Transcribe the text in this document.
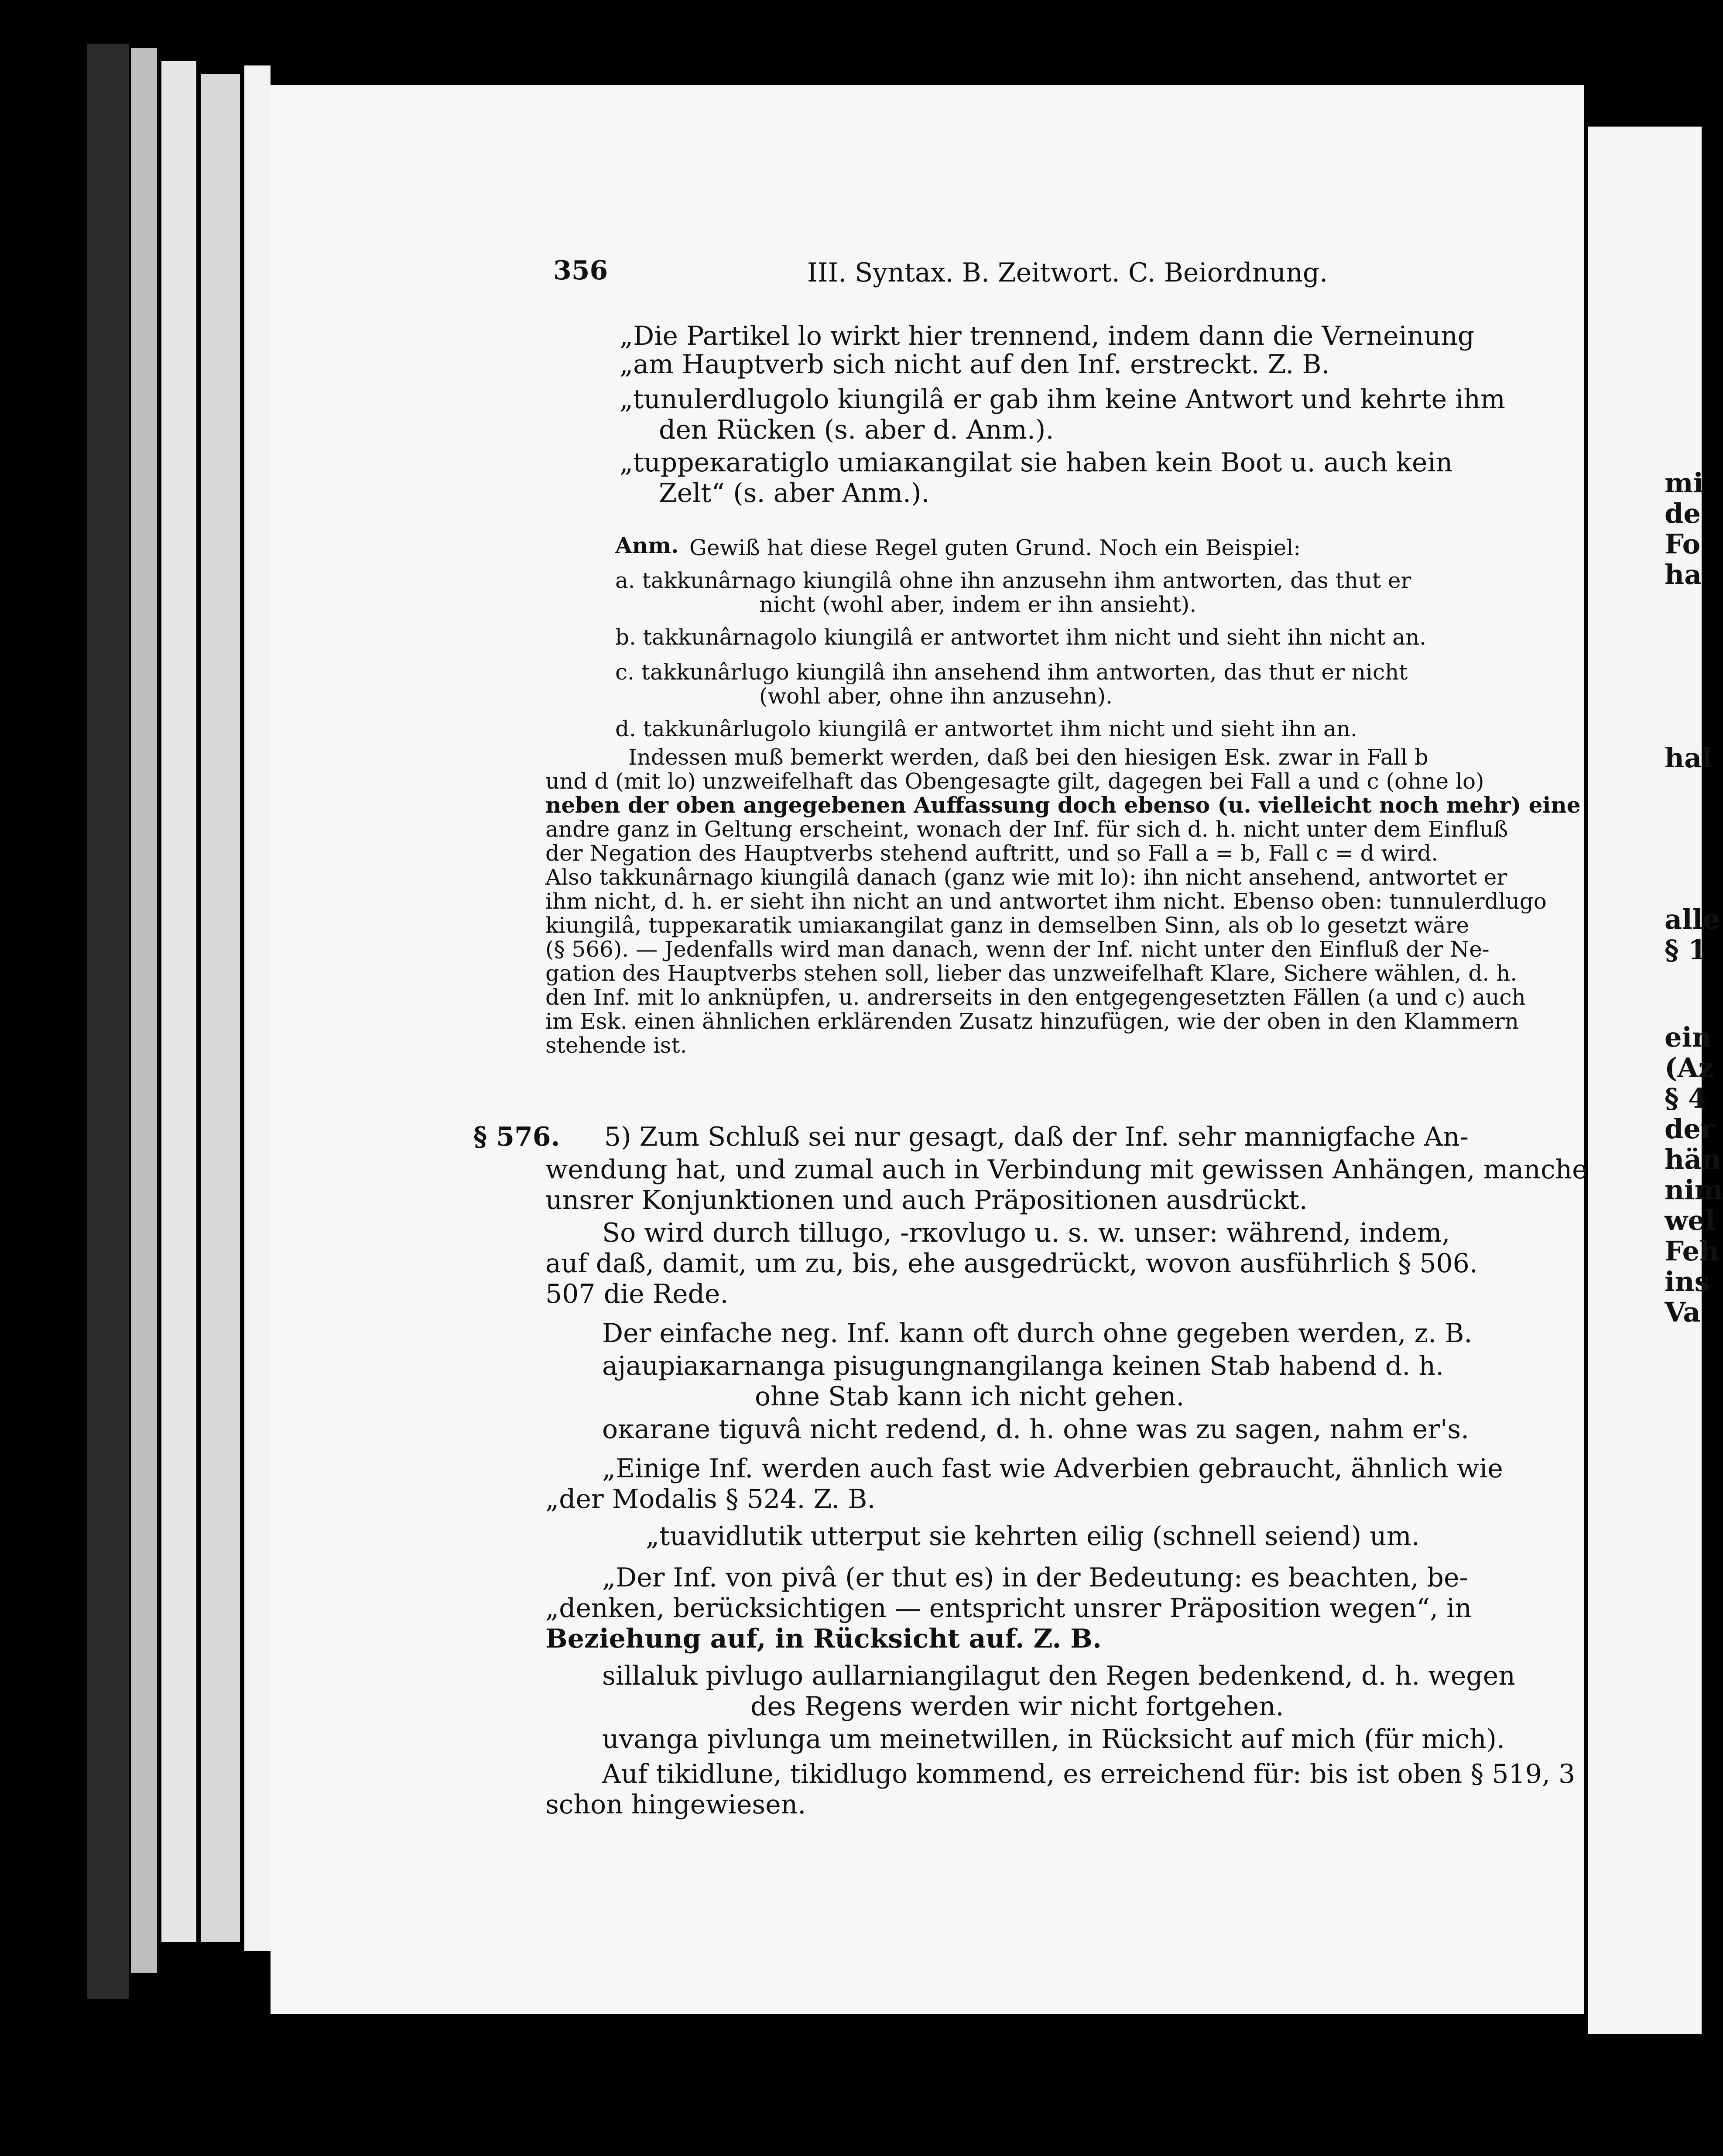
356	III. Syntax. B. Zeitwort. C. Beiordnung.
„Die Partikel lo wirkt hier trennend, indem dann die Verneinung
„am Hauptverb sich nicht auf den Inf. erstreckt. Z. B.
„tunulerdlugolo kiungilâ er gab ihm keine Antwort und kehrte ihm
den Rücken (s. aber d. Anm.).
„tuppeкaratiglo umiaкangilat sie haben kein Boot u. auch kein
Zelt“ (s. aber Anm.).
Anm. Gewiß hat diese Regel guten Grund. Noch ein Beispiel:
a. takkunârnago kiungilâ ohne ihn anzusehn ihm antworten, das thut er
nicht (wohl aber, indem er ihn ansieht).
b. takkunârnagolo kiungilâ er antwortet ihm nicht und sieht ihn nicht an.
c. takkunârlugo kiungilâ ihn ansehend ihm antworten, das thut er nicht
(wohl aber, ohne ihn anzusehn).
d. takkunârlugolo kiungilâ er antwortet ihm nicht und sieht ihn an.
Indessen muß bemerkt werden, daß bei den hiesigen Esk. zwar in Fall b
und d (mit lo) unzweifelhaft das Obengesagte gilt, dagegen bei Fall a und c (ohne lo)
neben der oben angegebenen Auffassung doch ebenso (u. vielleicht noch mehr) eine
andre ganz in Geltung erscheint, wonach der Inf. für sich d. h. nicht unter dem Einfluß
der Negation des Hauptverbs stehend auftritt, und so Fall a = b, Fall c = d wird.
Also takkunârnago kiungilâ danach (ganz wie mit lo): ihn nicht ansehend, antwortet er
ihm nicht, d. h. er sieht ihn nicht an und antwortet ihm nicht. Ebenso oben: tunnulerdlugo
kiungilâ, tuppeкaratik umiaкangilat ganz in demselben Sinn, als ob lo gesetzt wäre
(§ 566). — Jedenfalls wird man danach, wenn der Inf. nicht unter den Einfluß der Ne-
gation des Hauptverbs stehen soll, lieber das unzweifelhaft Klare, Sichere wählen, d. h.
den Inf. mit lo anknüpfen, u. andrerseits in den entgegengesetzten Fällen (a und c) auch
im Esk. einen ähnlichen erklärenden Zusatz hinzufügen, wie der oben in den Klammern
stehende ist.
§ 576. 5) Zum Schluß sei nur gesagt, daß der Inf. sehr mannigfache An-
wendung hat, und zumal auch in Verbindung mit gewissen Anhängen, manche
unsrer Konjunktionen und auch Präpositionen ausdrückt.
So wird durch tillugo, -rкovlugo u. s. w. unser: während, indem,
auf daß, damit, um zu, bis, ehe ausgedrückt, wovon ausführlich § 506.
507 die Rede.
Der einfache neg. Inf. kann oft durch ohne gegeben werden, z. B.
ajaupiaкarnanga pisugungnangilanga keinen Stab habend d. h.
ohne Stab kann ich nicht gehen.
oкarane tiguvâ nicht redend, d. h. ohne was zu sagen, nahm er's.
„Einige Inf. werden auch fast wie Adverbien gebraucht, ähnlich wie
„der Modalis § 524. Z. B.
„tuavidlutik utterput sie kehrten eilig (schnell seiend) um.
„Der Inf. von pivâ (er thut es) in der Bedeutung: es beachten, be-
„denken, berücksichtigen — entspricht unsrer Präposition wegen“, in
Beziehung auf, in Rücksicht auf. Z. B.
sillaluk pivlugo aullarniangilagut den Regen bedenkend, d. h. wegen
des Regens werden wir nicht fortgehen.
uvanga pivlunga um meinetwillen, in Rücksicht auf mich (für mich).
Auf tikidlune, tikidlugo kommend, es erreichend für: bis ist oben § 519, 3
schon hingewiesen.
mi
de
Fo
ha
hal
alle
§ 1
ein
(Az
§ 4
der
hän
nim
wel
Feh
ins
Va
